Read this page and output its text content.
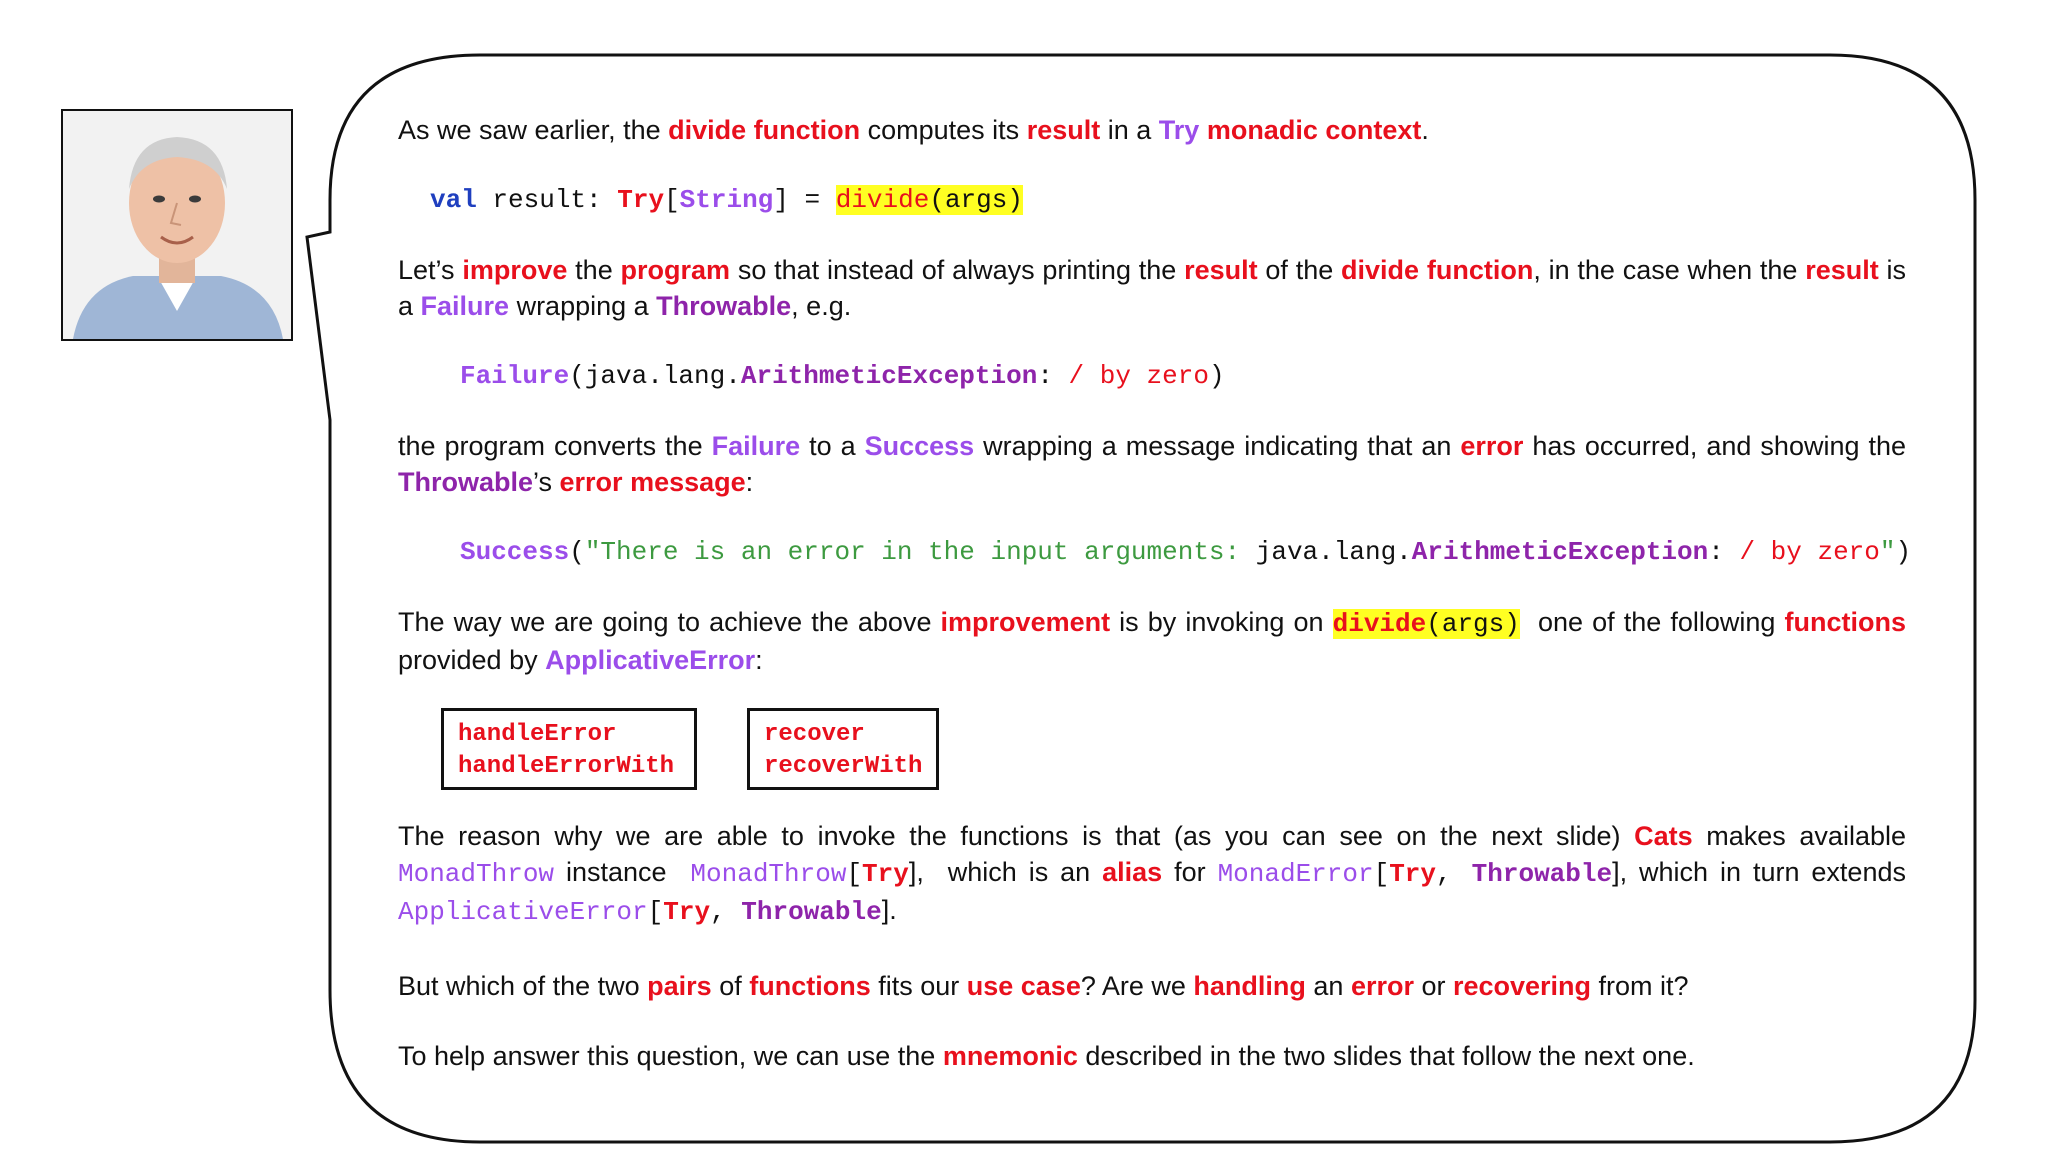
As we saw earlier, the divide function computes its result in a Try monadic context.

val result: Try[String] = divide(args)

Let’s improve the program so that instead of always printing the result of the divide function, in the case when the result is a Failure wrapping a Throwable, e.g.

Failure(java.lang.ArithmeticException: / by zero)

the program converts the Failure to a Success wrapping a message indicating that an error has occurred, and showing the Throwable’s error message:

Success("There is an error in the input arguments: java.lang.ArithmeticException: / by zero")

The way we are going to achieve the above improvement is by invoking on divide(args)  one of the following functions provided by ApplicativeError:

handleError
handleErrorWith
recover
recoverWith

The reason why we are able to invoke the functions is that (as you can see on the next slide) Cats makes available MonadThrow instance  MonadThrow[Try],  which is an alias for MonadError[Try, Throwable], which in turn extends ApplicativeError[Try, Throwable].

But which of the two pairs of functions fits our use case? Are we handling an error or recovering from it?

To help answer this question, we can use the mnemonic described in the two slides that follow the next one.
